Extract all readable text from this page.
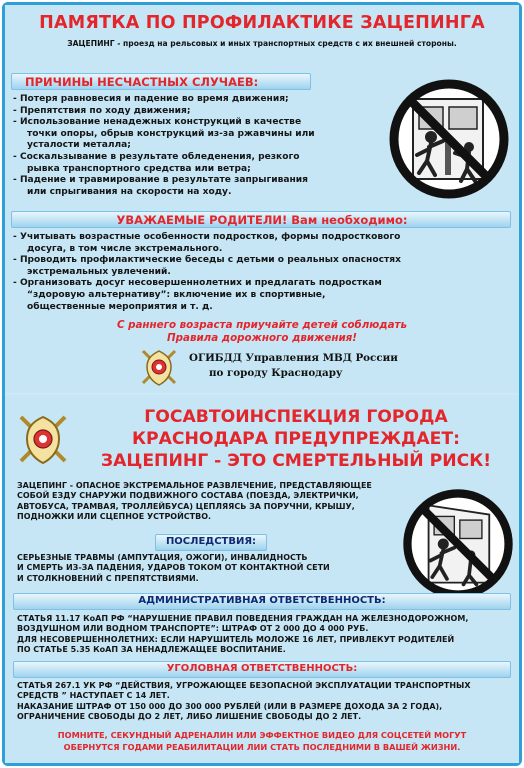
ПАМЯТКА ПО ПРОФИЛАКТИКЕ ЗАЦЕПИНГА
ЗАЦЕПИНГ - проезд на рельсовых и иных транспортных средств с их внешней стороны.
ПРИЧИНЫ НЕСЧАСТНЫХ СЛУЧАЕВ:
- Потеря равновесия и падение во время движения;
- Препятствия по ходу движения;
- Использование ненадежных конструкций в качестве
точки опоры, обрыв конструкций из-за ржавчины или
усталости металла;
- Соскальзывание в результате обледенения, резкого
рывка транспортного средства или ветра;
- Падение и травмирование в результате запрыгивания
или спрыгивания на скорости на ходу.
УВАЖАЕМЫЕ РОДИТЕЛИ! Вам необходимо:
- Учитывать возрастные особенности подростков, формы подросткового
досуга, в том числе экстремального.
- Проводить профилактические беседы с детьми о реальных опасностях
экстремальных увлечений.
- Организовать досуг несовершеннолетних и предлагать подросткам
“здоровую альтернативу”: включение их в спортивные,
общественные мероприятия и т. д.
С раннего возраста приучайте детей соблюдать
Правила дорожного движения!
ОГИБДД Управления МВД России
по городу Краснодару
ГОСАВТОИНСПЕКЦИЯ ГОРОДА
КРАСНОДАРА ПРЕДУПРЕЖДАЕТ:
ЗАЦЕПИНГ - ЭТО СМЕРТЕЛЬНЫЙ РИСК!
ЗАЦЕПИНГ - ОПАСНОЕ ЭКСТРЕМАЛЬНОЕ РАЗВЛЕЧЕНИЕ, ПРЕДСТАВЛЯЮЩЕЕ
СОБОЙ ЕЗДУ СНАРУЖИ ПОДВИЖНОГО СОСТАВА (ПОЕЗДА, ЭЛЕКТРИЧКИ,
АВТОБУСА, ТРАМВАЯ, ТРОЛЛЕЙБУСА) ЦЕПЛЯЯСЬ ЗА ПОРУЧНИ, КРЫШУ,
ПОДНОЖКИ ИЛИ СЦЕПНОЕ УСТРОЙСТВО.
ПОСЛЕДСТВИЯ:
СЕРЬЕЗНЫЕ ТРАВМЫ (АМПУТАЦИЯ, ОЖОГИ), ИНВАЛИДНОСТЬ
И СМЕРТЬ ИЗ-ЗА ПАДЕНИЯ, УДАРОВ ТОКОМ ОТ КОНТАКТНОЙ СЕТИ
И СТОЛКНОВЕНИЙ С ПРЕПЯТСТВИЯМИ.
АДМИНИСТРАТИВНАЯ ОТВЕТСТВЕННОСТЬ:
СТАТЬЯ 11.17 КоАП РФ “НАРУШЕНИЕ ПРАВИЛ ПОВЕДЕНИЯ ГРАЖДАН НА ЖЕЛЕЗНОДОРОЖНОМ,
ВОЗДУШНОМ ИЛИ ВОДНОМ ТРАНСПОРТЕ”: ШТРАФ ОТ 2 000 ДО 4 000 РУБ.
ДЛЯ НЕСОВЕРШЕННОЛЕТНИХ: ЕСЛИ НАРУШИТЕЛЬ МОЛОЖЕ 16 ЛЕТ, ПРИВЛЕКУТ РОДИТЕЛЕЙ
ПО СТАТЬЕ 5.35 КоАП ЗА НЕНАДЛЕЖАЩЕЕ ВОСПИТАНИЕ.
УГОЛОВНАЯ ОТВЕТСТВЕННОСТЬ:
СТАТЬЯ 267.1 УК РФ “ДЕЙСТВИЯ, УГРОЖАЮЩЕЕ БЕЗОПАСНОЙ ЭКСПЛУАТАЦИИ ТРАНСПОРТНЫХ
СРЕДСТВ ” НАСТУПАЕТ С 14 ЛЕТ.
НАКАЗАНИЕ ШТРАФ ОТ 150 000 ДО 300 000 РУБЛЕЙ (ИЛИ В РАЗМЕРЕ ДОХОДА ЗА 2 ГОДА),
ОГРАНИЧЕНИЕ СВОБОДЫ ДО 2 ЛЕТ, ЛИБО ЛИШЕНИЕ СВОБОДЫ ДО 2 ЛЕТ.
ПОМНИТЕ, СЕКУНДНЫЙ АДРЕНАЛИН ИЛИ ЭФФЕКТНОЕ ВИДЕО ДЛЯ СОЦСЕТЕЙ МОГУТ
ОБЕРНУТСЯ ГОДАМИ РЕАБИЛИТАЦИИ ЛИИ СТАТЬ ПОСЛЕДНИМИ В ВАШЕЙ ЖИЗНИ.
